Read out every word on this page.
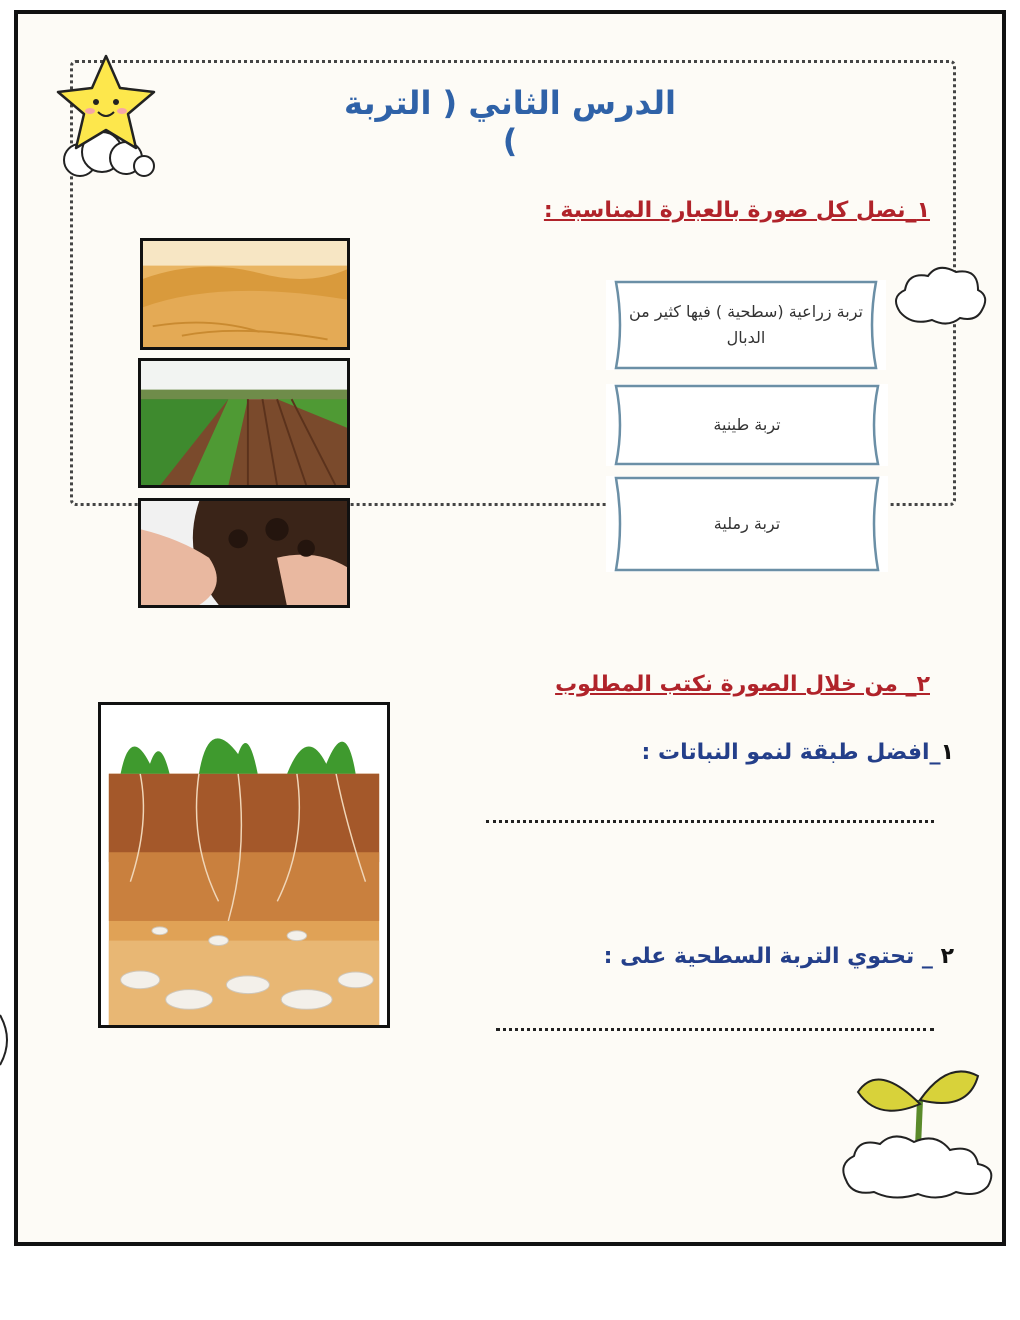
الدرس الثاني ( التربة )
١_نصل كل صورة بالعبارة المناسبة :
تربة زراعية (سطحية ) فيها كثير من الدبال
تربة طينية
تربة رملية
٢_ من خلال الصورة نكتب المطلوب
١_افضل طبقة لنمو النباتات :
٢ _ تحتوي التربة السطحية على :
